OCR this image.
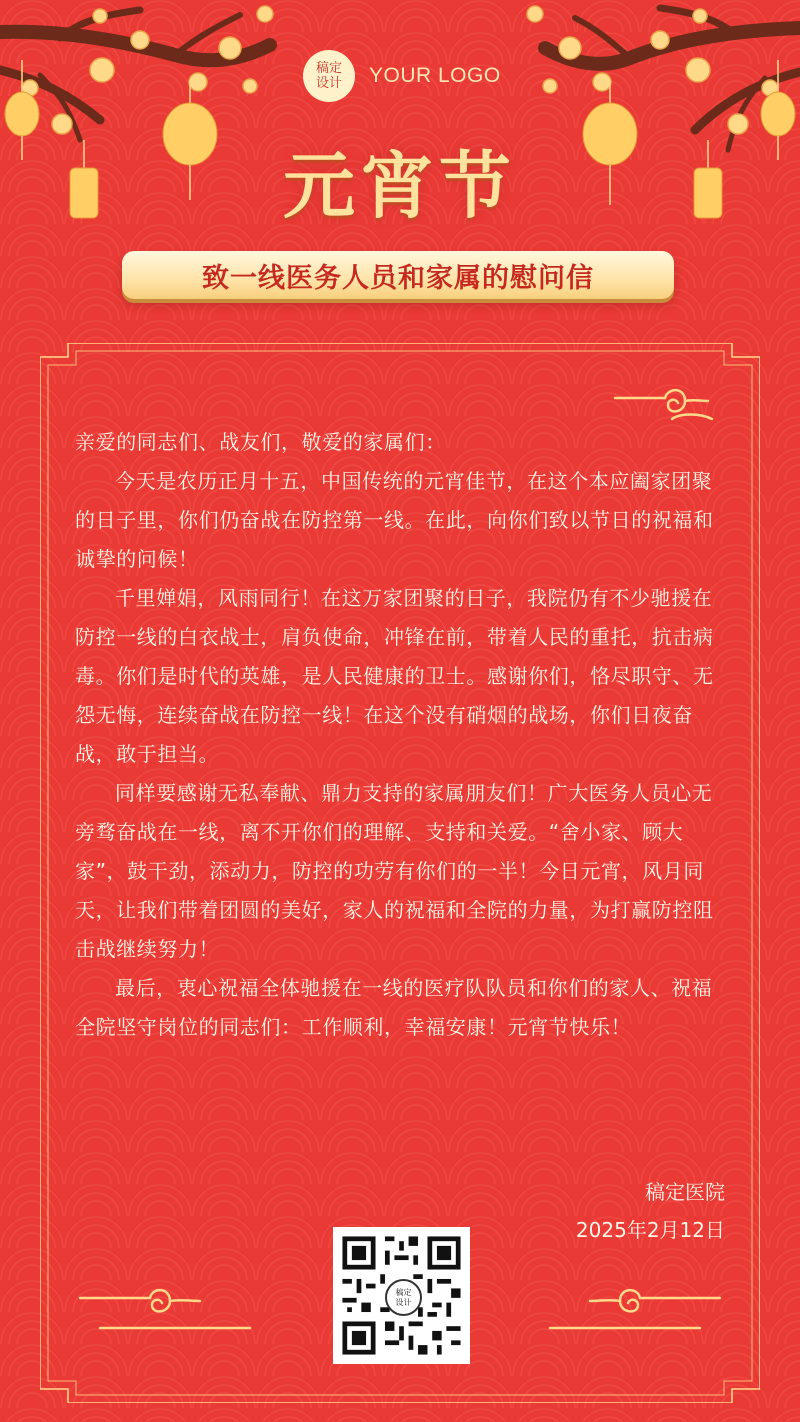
稿定
设计 YOUR LOGO
元宵节
致一线医务人员和家属的慰问信

亲爱的同志们、战友们，敬爱的家属们：

今天是农历正月十五，中国传统的元宵佳节，在这个本应阖家团聚的日子里，你们仍奋战在防控第一线。在此，向你们致以节日的祝福和诚挚的问候！

千里婵娟，风雨同行！在这万家团聚的日子，我院仍有不少驰援在防控一线的白衣战士，肩负使命，冲锋在前，带着人民的重托，抗击病毒。你们是时代的英雄，是人民健康的卫士。感谢你们，恪尽职守、无怨无悔，连续奋战在防控一线！在这个没有硝烟的战场，你们日夜奋战，敢于担当。

同样要感谢无私奉献、鼎力支持的家属朋友们！广大医务人员心无旁骛奋战在一线，离不开你们的理解、支持和关爱。“舍小家、顾大家”，鼓干劲，添动力，防控的功劳有你们的一半！今日元宵，风月同天，让我们带着团圆的美好，家人的祝福和全院的力量，为打赢防控阻击战继续努力！

最后，衷心祝福全体驰援在一线的医疗队队员和你们的家人、祝福全院坚守岗位的同志们：工作顺利，幸福安康！元宵节快乐！

稿定医院
2025年2月12日
稿定
设计
